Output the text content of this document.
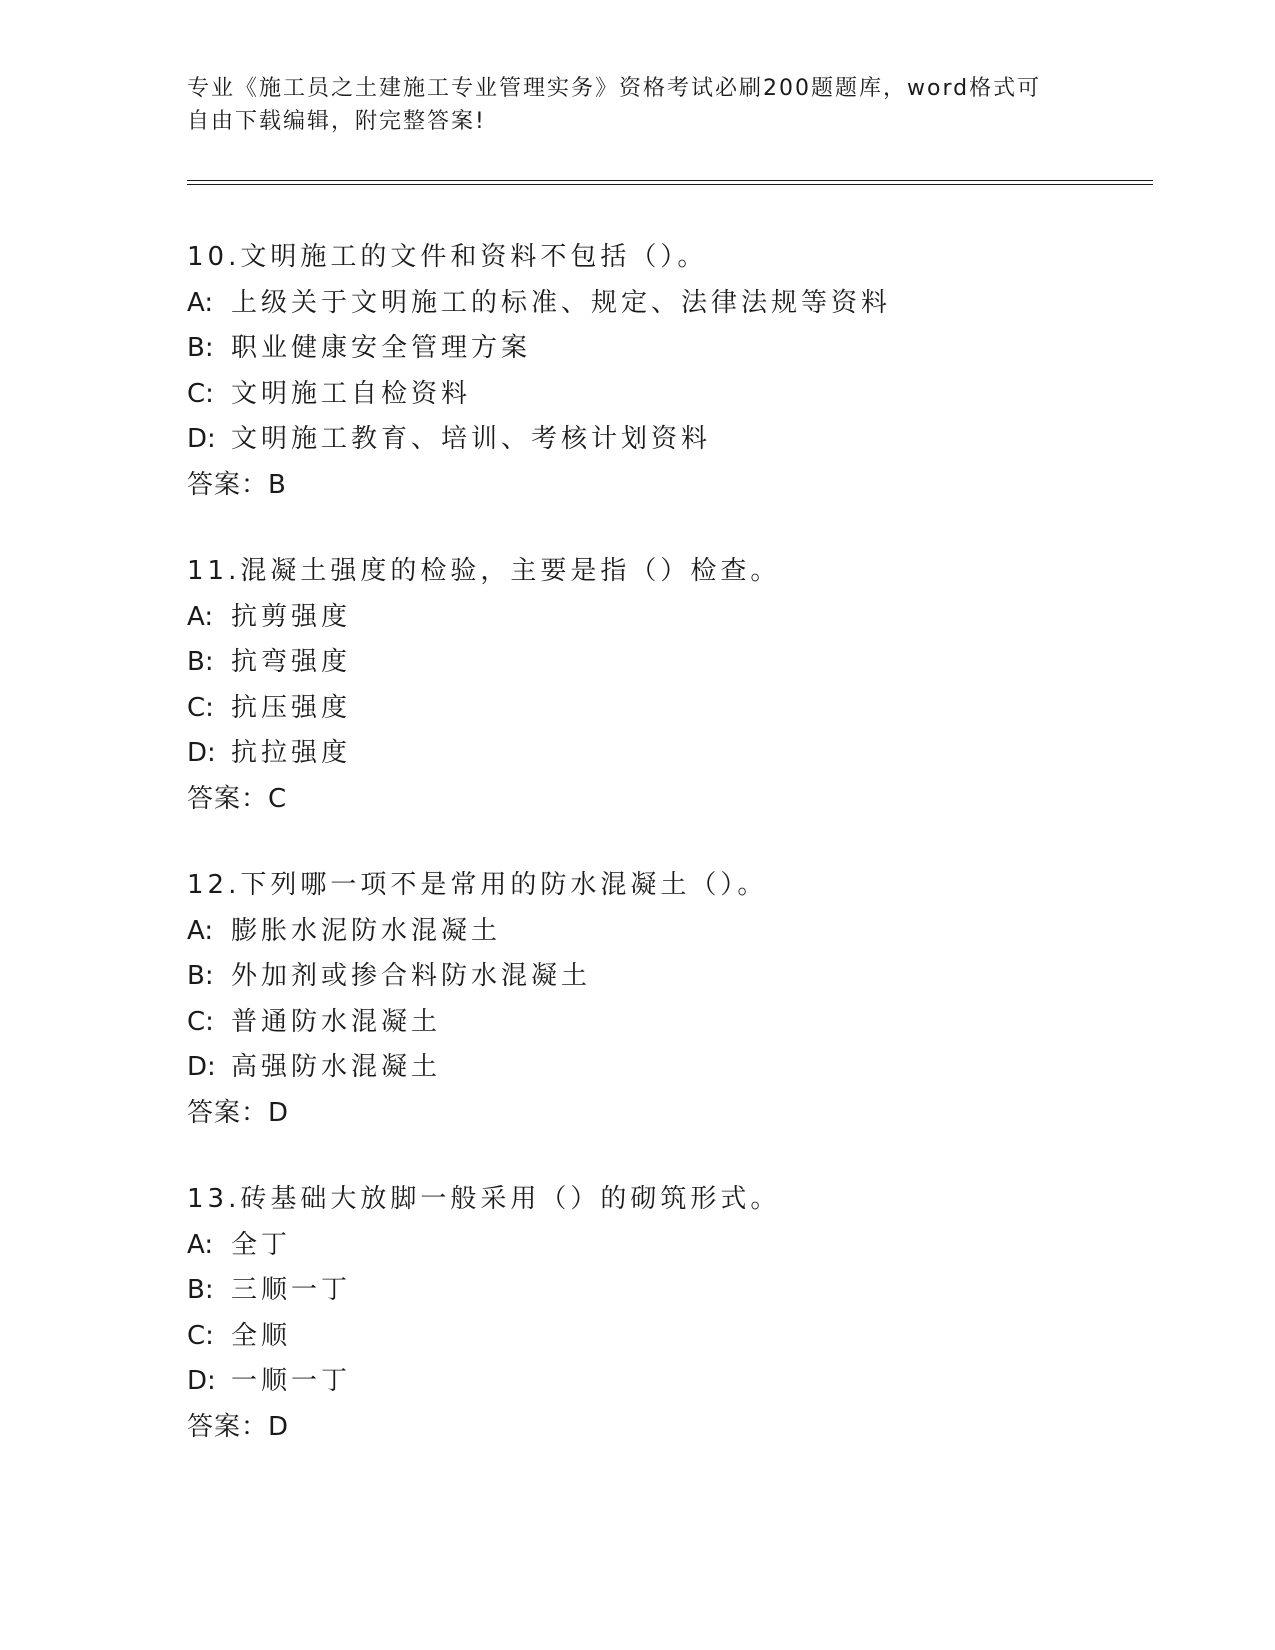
专业《施工员之土建施工专业管理实务》资格考试必刷200题题库，word格式可
自由下载编辑，附完整答案!
10.文明施工的文件和资料不包括（）。
A: 上级关于文明施工的标准、规定、法律法规等资料
B: 职业健康安全管理方案
C: 文明施工自检资料
D: 文明施工教育、培训、考核计划资料
答案：B
11.混凝土强度的检验，主要是指（）检查。
A: 抗剪强度
B: 抗弯强度
C: 抗压强度
D: 抗拉强度
答案：C
12.下列哪一项不是常用的防水混凝土（）。
A: 膨胀水泥防水混凝土
B: 外加剂或掺合料防水混凝土
C: 普通防水混凝土
D: 高强防水混凝土
答案：D
13.砖基础大放脚一般采用（）的砌筑形式。
A: 全丁
B: 三顺一丁
C: 全顺
D: 一顺一丁
答案：D
